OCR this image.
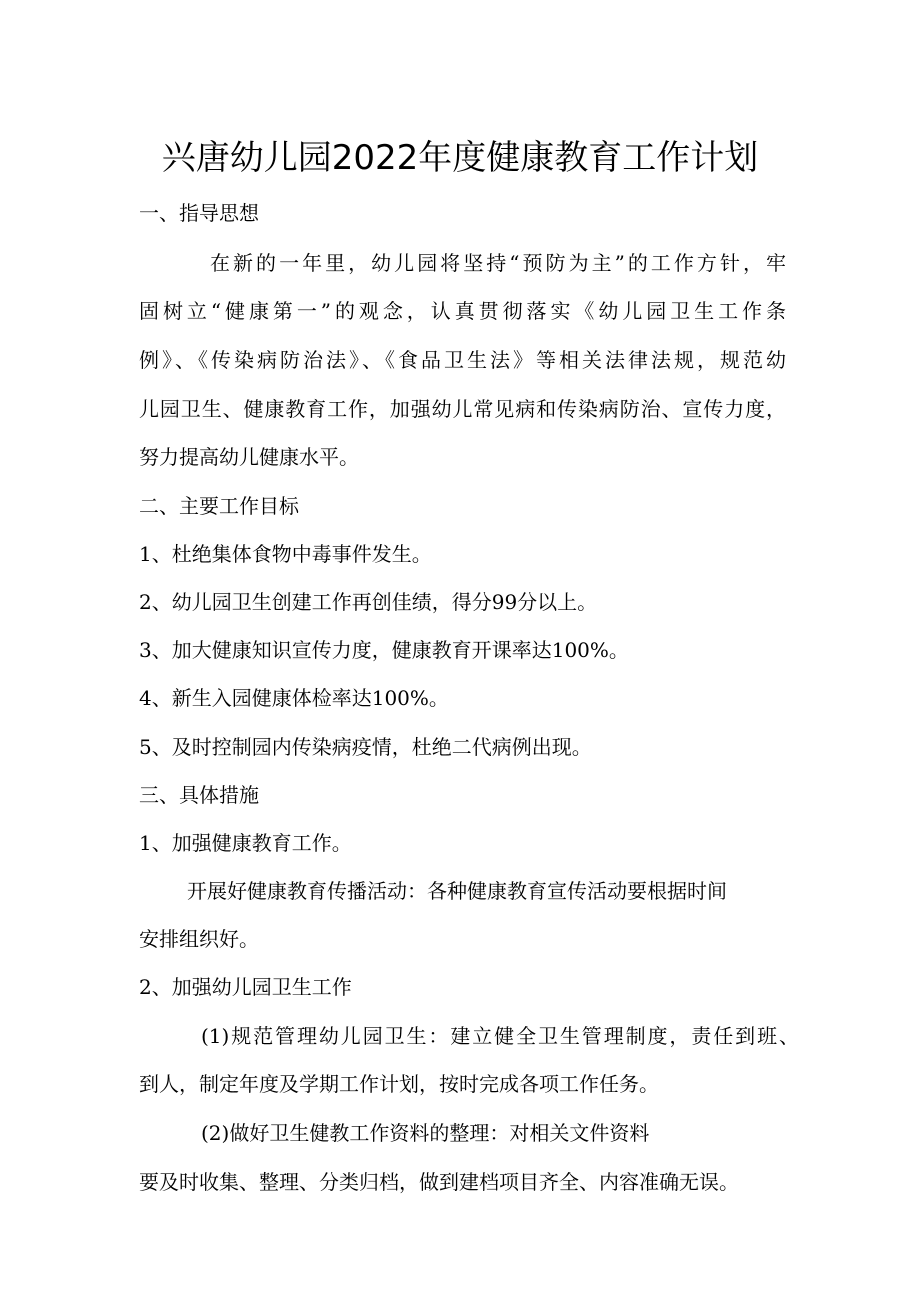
兴唐幼儿园2022年度健康教育工作计划
一、指导思想
在新的一年里，幼儿园将坚持“预防为主”的工作方针，牢
固树立“健康第一”的观念，认真贯彻落实《幼儿园卫生工作条
例》、《传染病防治法》、《食品卫生法》等相关法律法规，规范幼
儿园卫生、健康教育工作，加强幼儿常见病和传染病防治、宣传力度，
努力提高幼儿健康水平。
二、主要工作目标
1、杜绝集体食物中毒事件发生。
2、幼儿园卫生创建工作再创佳绩，得分99分以上。
3、加大健康知识宣传力度，健康教育开课率达100%。
4、新生入园健康体检率达100%。
5、及时控制园内传染病疫情，杜绝二代病例出现。
三、具体措施
1、加强健康教育工作。
开展好健康教育传播活动：各种健康教育宣传活动要根据时间
安排组织好。
2、加强幼儿园卫生工作
(1)规范管理幼儿园卫生：建立健全卫生管理制度，责任到班、
到人，制定年度及学期工作计划，按时完成各项工作任务。
(2)做好卫生健教工作资料的整理：对相关文件资料
要及时收集、整理、分类归档，做到建档项目齐全、内容准确无误。
